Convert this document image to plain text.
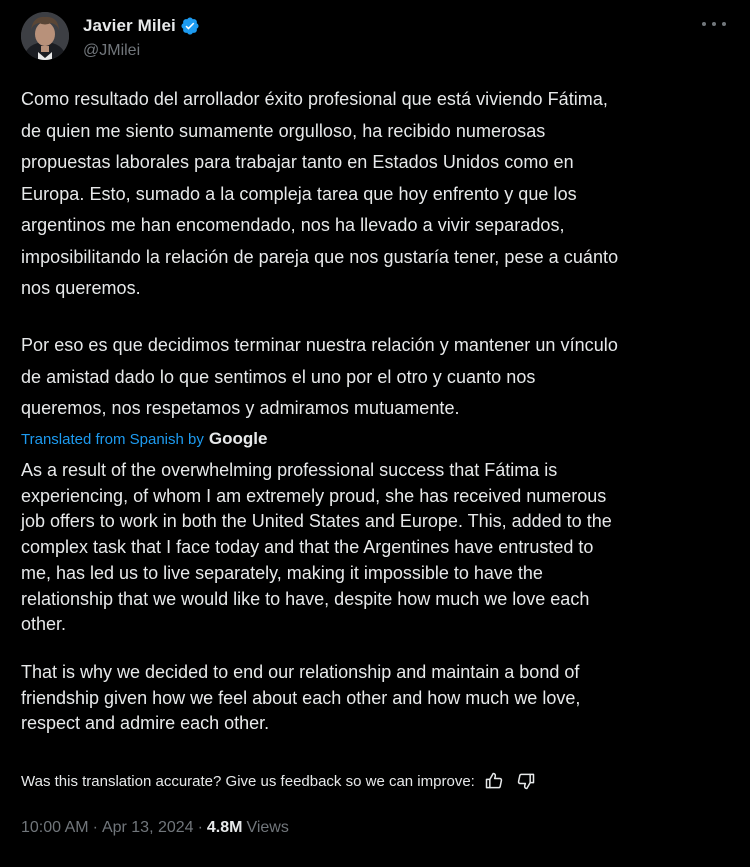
Javier Milei
@JMilei
Como resultado del arrollador éxito profesional que está viviendo Fátima,
de quien me siento sumamente orgulloso, ha recibido numerosas
propuestas laborales para trabajar tanto en Estados Unidos como en
Europa. Esto, sumado a la compleja tarea que hoy enfrento y que los
argentinos me han encomendado, nos ha llevado a vivir separados,
imposibilitando la relación de pareja que nos gustaría tener, pese a cuánto
nos queremos.
Por eso es que decidimos terminar nuestra relación y mantener un vínculo
de amistad dado lo que sentimos el uno por el otro y cuanto nos
queremos, nos respetamos y admiramos mutuamente.
Translated from Spanish by Google
As a result of the overwhelming professional success that Fátima is
experiencing, of whom I am extremely proud, she has received numerous
job offers to work in both the United States and Europe. This, added to the
complex task that I face today and that the Argentines have entrusted to
me, has led us to live separately, making it impossible to have the
relationship that we would like to have, despite how much we love each
other.
That is why we decided to end our relationship and maintain a bond of
friendship given how we feel about each other and how much we love,
respect and admire each other.
Was this translation accurate? Give us feedback so we can improve:
10:00 AM · Apr 13, 2024 · 4.8M Views
